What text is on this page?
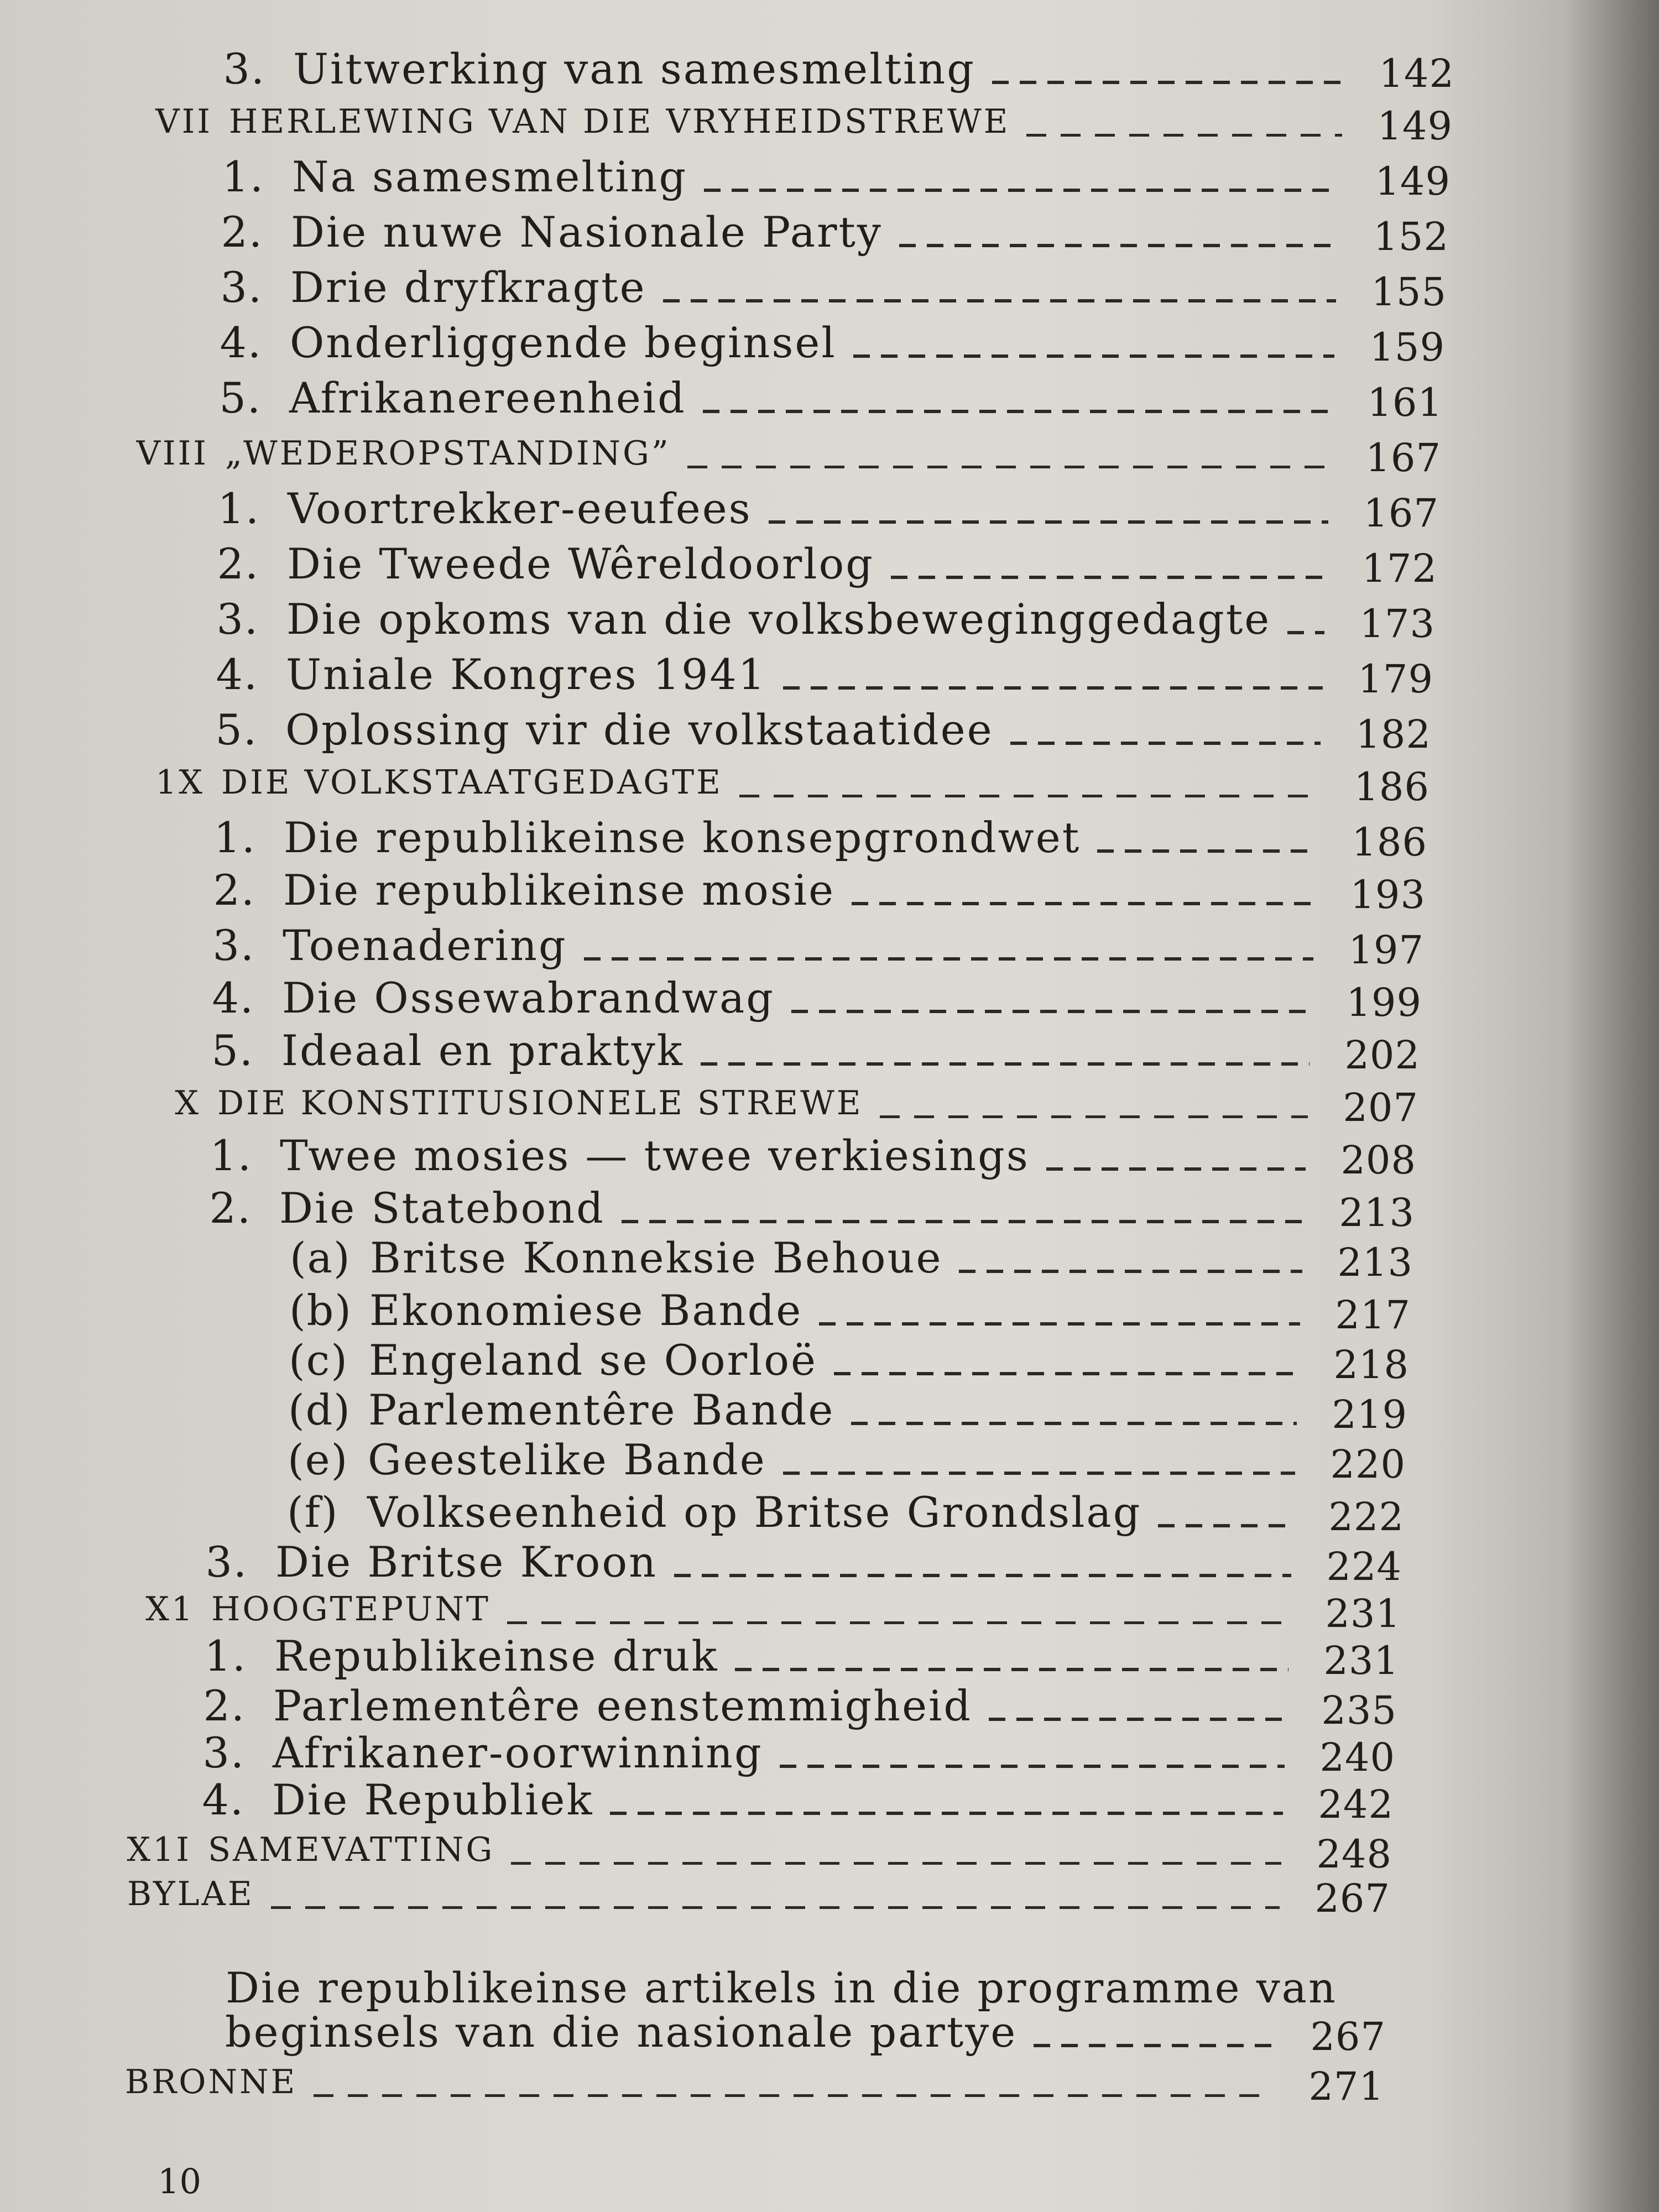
3. Uitwerking van samesmelting	142
VII HERLEWING VAN DIE VRYHEIDSTREWE	149
1. Na samesmelting	149
2. Die nuwe Nasionale Party	152
3. Drie dryfkragte	155
4. Onderliggende beginsel	159
5. Afrikanereenheid	161
VIII „WEDEROPSTANDING”	167
1. Voortrekker-eeufees	167
2. Die Tweede Wêreldoorlog	172
3. Die opkoms van die volksbeweginggedagte	173
4. Uniale Kongres 1941	179
5. Oplossing vir die volkstaatidee	182
1X DIE VOLKSTAATGEDAGTE	186
1. Die republikeinse konsepgrondwet	186
2. Die republikeinse mosie	193
3. Toenadering	197
4. Die Ossewabrandwag	199
5. Ideaal en praktyk	202
X DIE KONSTITUSIONELE STREWE	207
1. Twee mosies — twee verkiesings	208
2. Die Statebond	213
(a) Britse Konneksie Behoue	213
(b) Ekonomiese Bande	217
(c) Engeland se Oorloë	218
(d) Parlementêre Bande	219
(e) Geestelike Bande	220
(f) Volkseenheid op Britse Grondslag	222
3. Die Britse Kroon	224
X1 HOOGTEPUNT	231
1. Republikeinse druk	231
2. Parlementêre eenstemmigheid	235
3. Afrikaner-oorwinning	240
4. Die Republiek	242
X1I SAMEVATTING	248
BYLAE	267
Die republikeinse artikels in die programme van
beginsels van die nasionale partye	267
BRONNE	271
10
